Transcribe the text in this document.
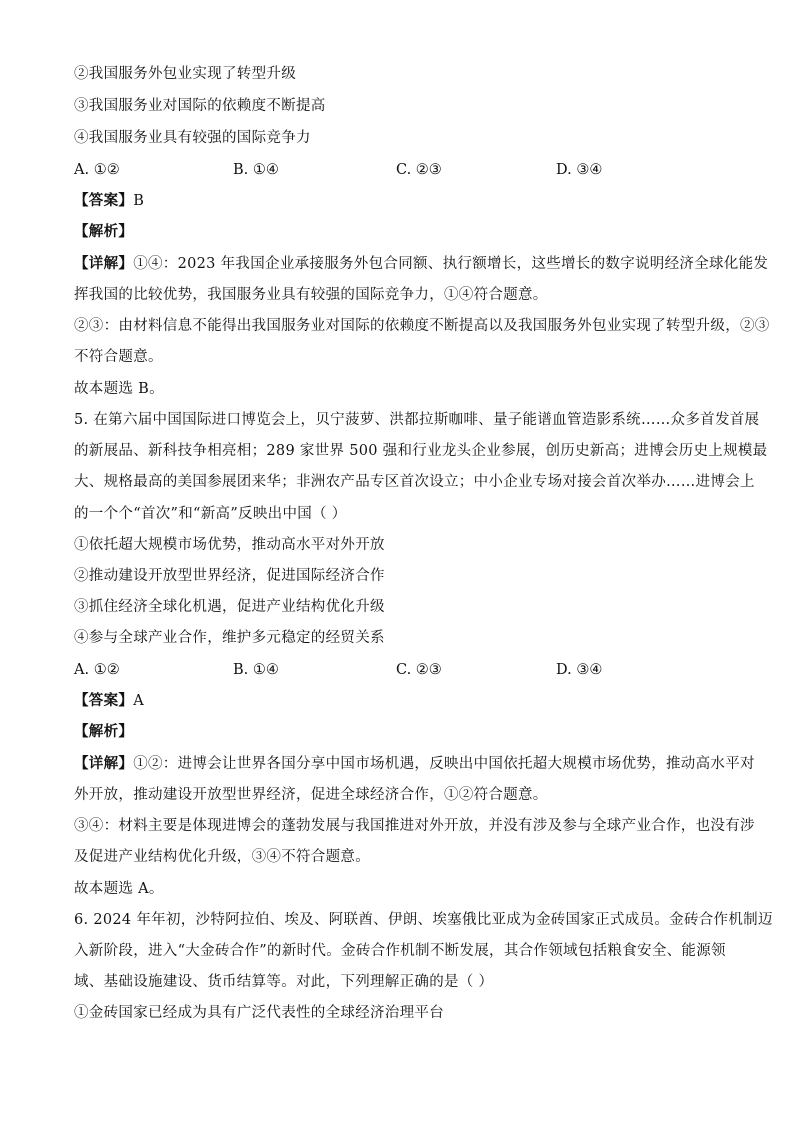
②我国服务外包业实现了转型升级
③我国服务业对国际的依赖度不断提高
④我国服务业具有较强的国际竞争力
A. ①②	B. ①④	C. ②③	D. ③④
【答案】B
【解析】
【详解】①④：2023 年我国企业承接服务外包合同额、执行额增长，这些增长的数字说明经济全球化能发
挥我国的比较优势，我国服务业具有较强的国际竞争力，①④符合题意。
②③：由材料信息不能得出我国服务业对国际的依赖度不断提高以及我国服务外包业实现了转型升级，②③
不符合题意。
故本题选 B。
5. 在第六届中国国际进口博览会上，贝宁菠萝、洪都拉斯咖啡、量子能谱血管造影系统……众多首发首展
的新展品、新科技争相亮相；289 家世界 500 强和行业龙头企业参展，创历史新高；进博会历史上规模最
大、规格最高的美国参展团来华；非洲农产品专区首次设立；中小企业专场对接会首次举办……进博会上
的一个个“首次”和“新高”反映出中国（ ）
①依托超大规模市场优势，推动高水平对外开放
②推动建设开放型世界经济，促进国际经济合作
③抓住经济全球化机遇，促进产业结构优化升级
④参与全球产业合作，维护多元稳定的经贸关系
A. ①②	B. ①④	C. ②③	D. ③④
【答案】A
【解析】
【详解】①②：进博会让世界各国分享中国市场机遇，反映出中国依托超大规模市场优势，推动高水平对
外开放，推动建设开放型世界经济，促进全球经济合作，①②符合题意。
③④：材料主要是体现进博会的蓬勃发展与我国推进对外开放，并没有涉及参与全球产业合作，也没有涉
及促进产业结构优化升级，③④不符合题意。
故本题选 A。
6. 2024 年年初，沙特阿拉伯、埃及、阿联酋、伊朗、埃塞俄比亚成为金砖国家正式成员。金砖合作机制迈
入新阶段，进入“大金砖合作”的新时代。金砖合作机制不断发展，其合作领域包括粮食安全、能源领
域、基础设施建设、货币结算等。对此，下列理解正确的是（ ）
①金砖国家已经成为具有广泛代表性的全球经济治理平台
